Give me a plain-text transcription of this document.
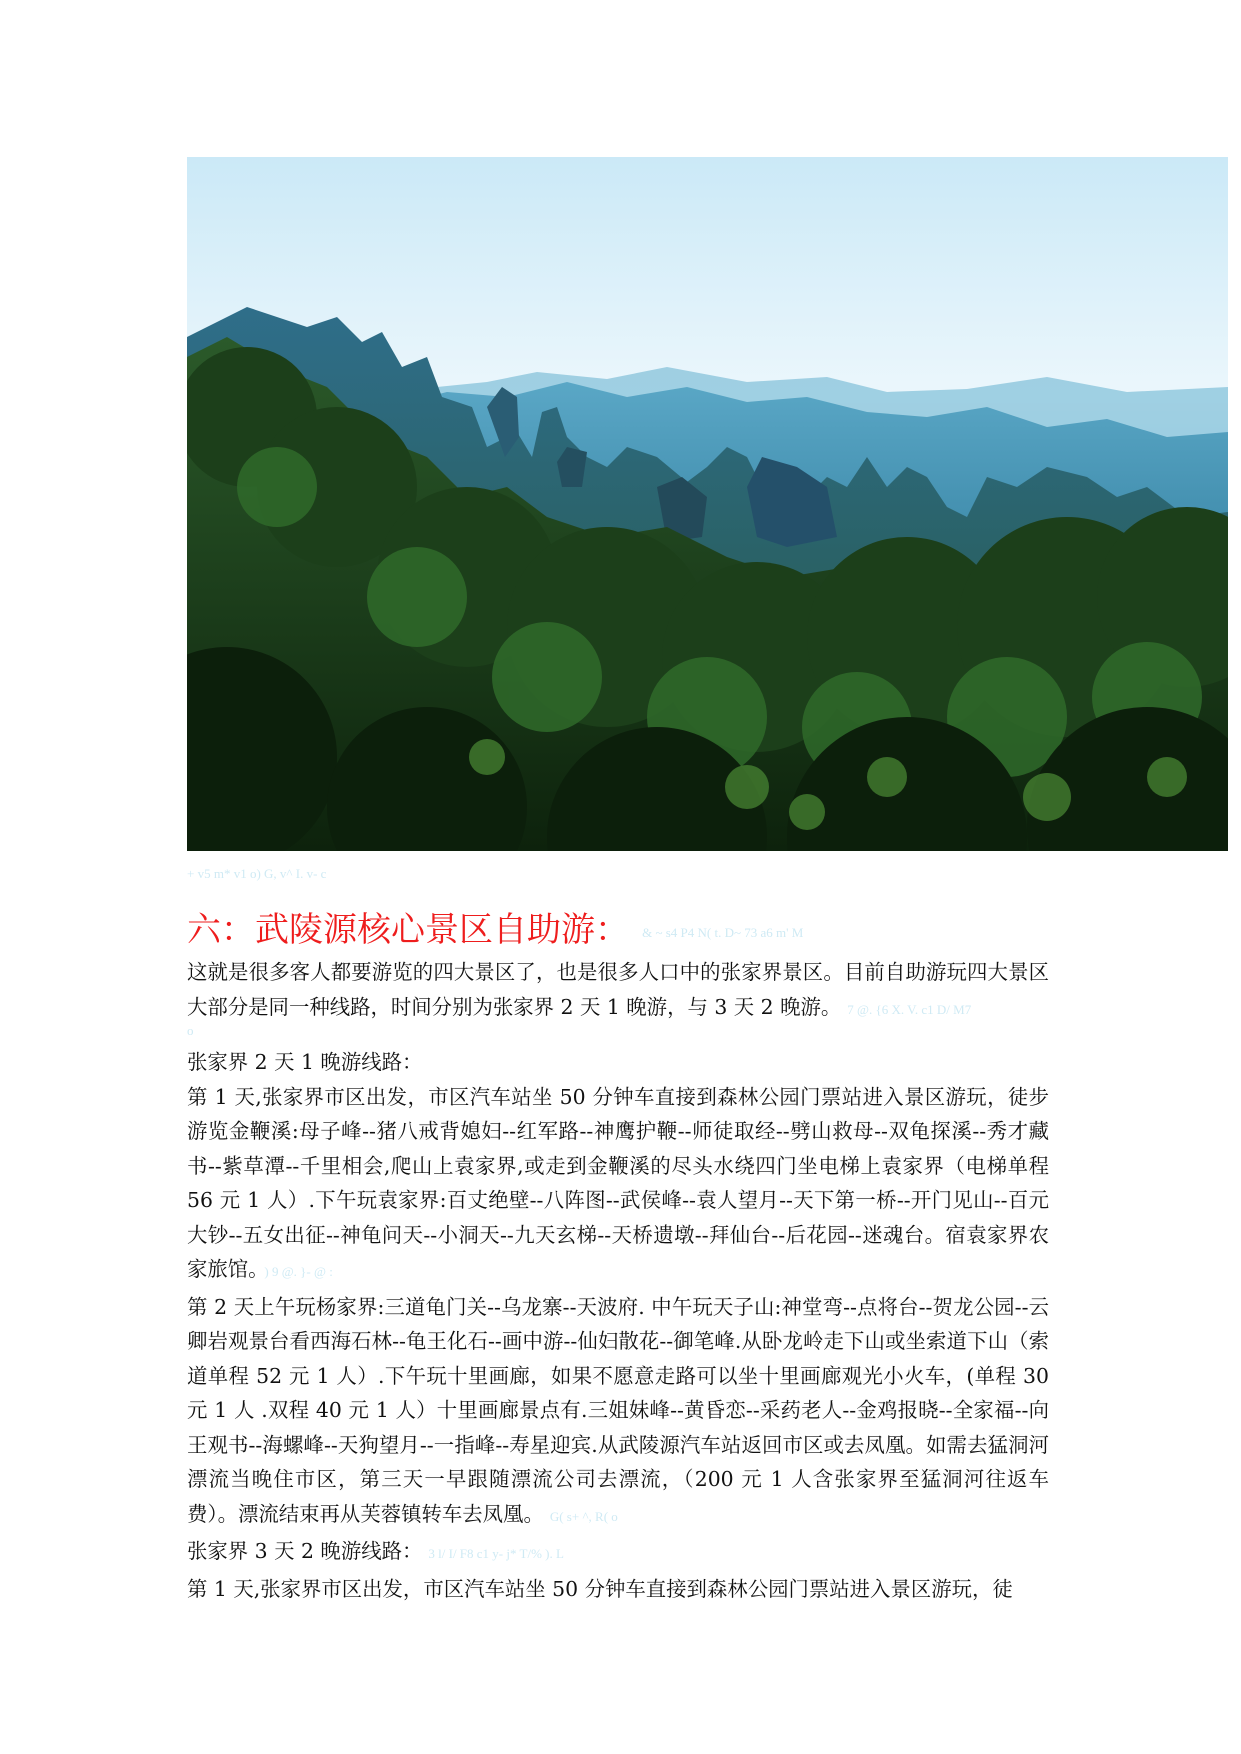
+ v5 m* v1 o) G, v^ I. v- c
六：武陵源核心景区自助游： $^{\& \sim s4 P4 N( t. D\sim 73 a6 m' M}$

这就是很多客人都要游览的四大景区了，也是很多人口中的张家界景区。目前自助游玩四大景区大部分是同一种线路，时间分别为张家界 2 天 1 晚游，与 3 天 2 晚游。 7 @. {6 X. V. c1 D/ M7

o

张家界 2 天 1 晚游线路：

第 1 天,张家界市区出发，市区汽车站坐 50 分钟车直接到森林公园门票站进入景区游玩，徒步游览金鞭溪:母子峰--猪八戒背媳妇--红军路--神鹰护鞭--师徒取经--劈山救母--双龟探溪--秀才藏书--紫草潭--千里相会,爬山上袁家界,或走到金鞭溪的尽头水绕四门坐电梯上袁家界（电梯单程 56 元 1 人）.下午玩袁家界:百丈绝壁--八阵图--武侯峰--袁人望月--天下第一桥--开门见山--百元大钞--五女出征--神龟问天--小洞天--九天玄梯--天桥遗墩--拜仙台--后花园--迷魂台。宿袁家界农家旅馆。 ) 9 @. }- @ :

第 2 天上午玩杨家界:三道龟门关--乌龙寨--天波府. 中午玩天子山:神堂弯--点将台--贺龙公园--云卿岩观景台看西海石林--龟王化石--画中游--仙妇散花--御笔峰.从卧龙岭走下山或坐索道下山（索道单程 52 元 1 人）.下午玩十里画廊，如果不愿意走路可以坐十里画廊观光小火车，(单程 30 元 1 人 .双程 40 元 1 人）十里画廊景点有.三姐妹峰--黄昏恋--采药老人--金鸡报晓--全家福--向王观书--海螺峰--天狗望月--一指峰--寿星迎宾.从武陵源汽车站返回市区或去凤凰。如需去猛洞河漂流当晚住市区，第三天一早跟随漂流公司去漂流，（200 元 1 人含张家界至猛洞河往返车费）。漂流结束再从芙蓉镇转车去凤凰。 G( s+ ^, R( o

张家界 3 天 2 晚游线路： 3 l/ I/ F8 c1 y- j* T/% ). L

第 1 天,张家界市区出发，市区汽车站坐 50 分钟车直接到森林公园门票站进入景区游玩，徒
